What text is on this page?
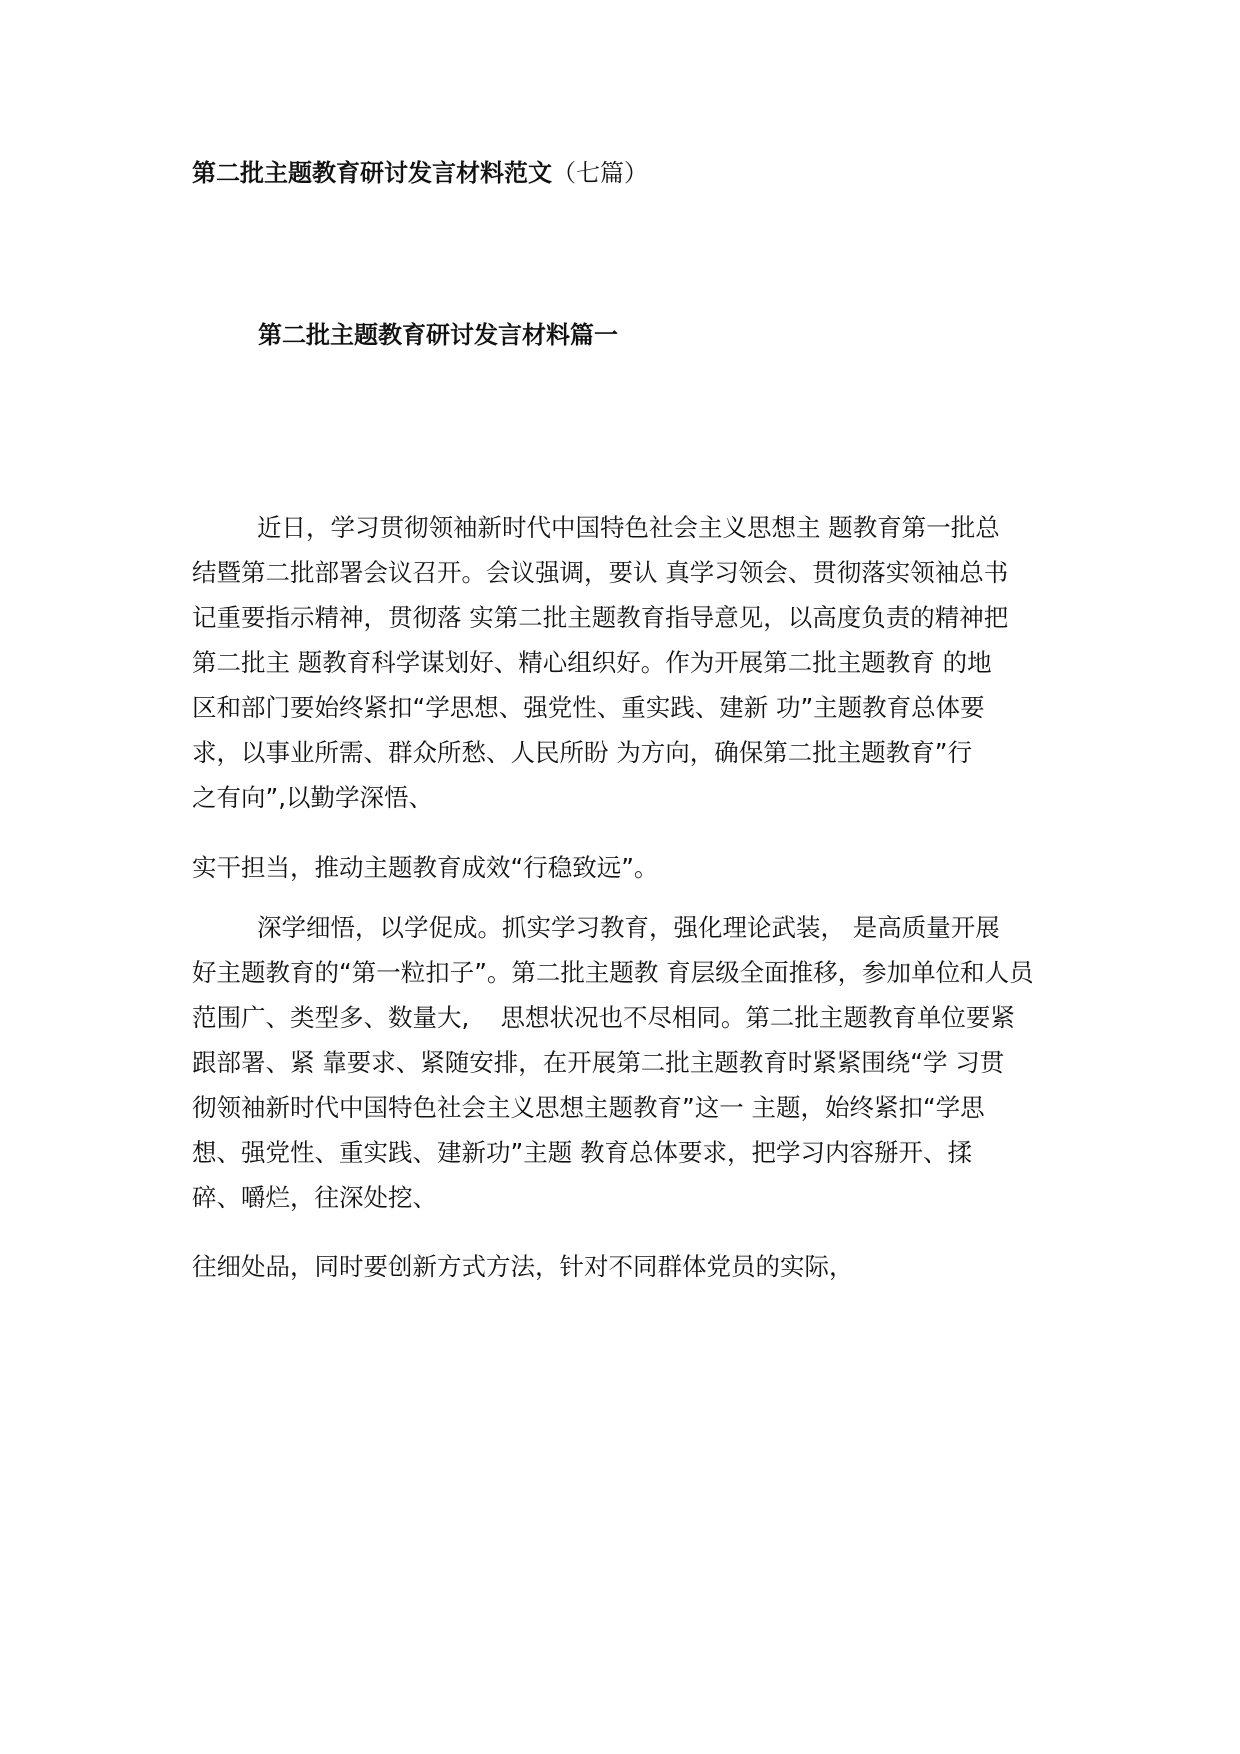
第二批主题教育研讨发言材料范文（七篇）
第二批主题教育研讨发言材料篇一
近日，学习贯彻领袖新时代中国特色社会主义思想主 题教育第一批总
结暨第二批部署会议召开。会议强调，要认 真学习领会、贯彻落实领袖总书
记重要指示精神，贯彻落 实第二批主题教育指导意见，以高度负责的精神把
第二批主 题教育科学谋划好、精心组织好。作为开展第二批主题教育 的地
区和部门要始终紧扣“学思想、强党性、重实践、建新 功”主题教育总体要
求，以事业所需、群众所愁、人民所盼 为方向，确保第二批主题教育”行
之有向”,以勤学深悟、
实干担当，推动主题教育成效“行稳致远”。
深学细悟，以学促成。抓实学习教育，强化理论武装， 是高质量开展
好主题教育的“第一粒扣子”。第二批主题教 育层级全面推移，参加单位和人员
范围广、类型多、数量大,    思想状况也不尽相同。第二批主题教育单位要紧
跟部署、紧 靠要求、紧随安排，在开展第二批主题教育时紧紧围绕“学 习贯
彻领袖新时代中国特色社会主义思想主题教育”这一 主题，始终紧扣“学思
想、强党性、重实践、建新功”主题 教育总体要求，把学习内容掰开、揉
碎、嚼烂，往深处挖、
往细处品，同时要创新方式方法，针对不同群体党员的实际，
